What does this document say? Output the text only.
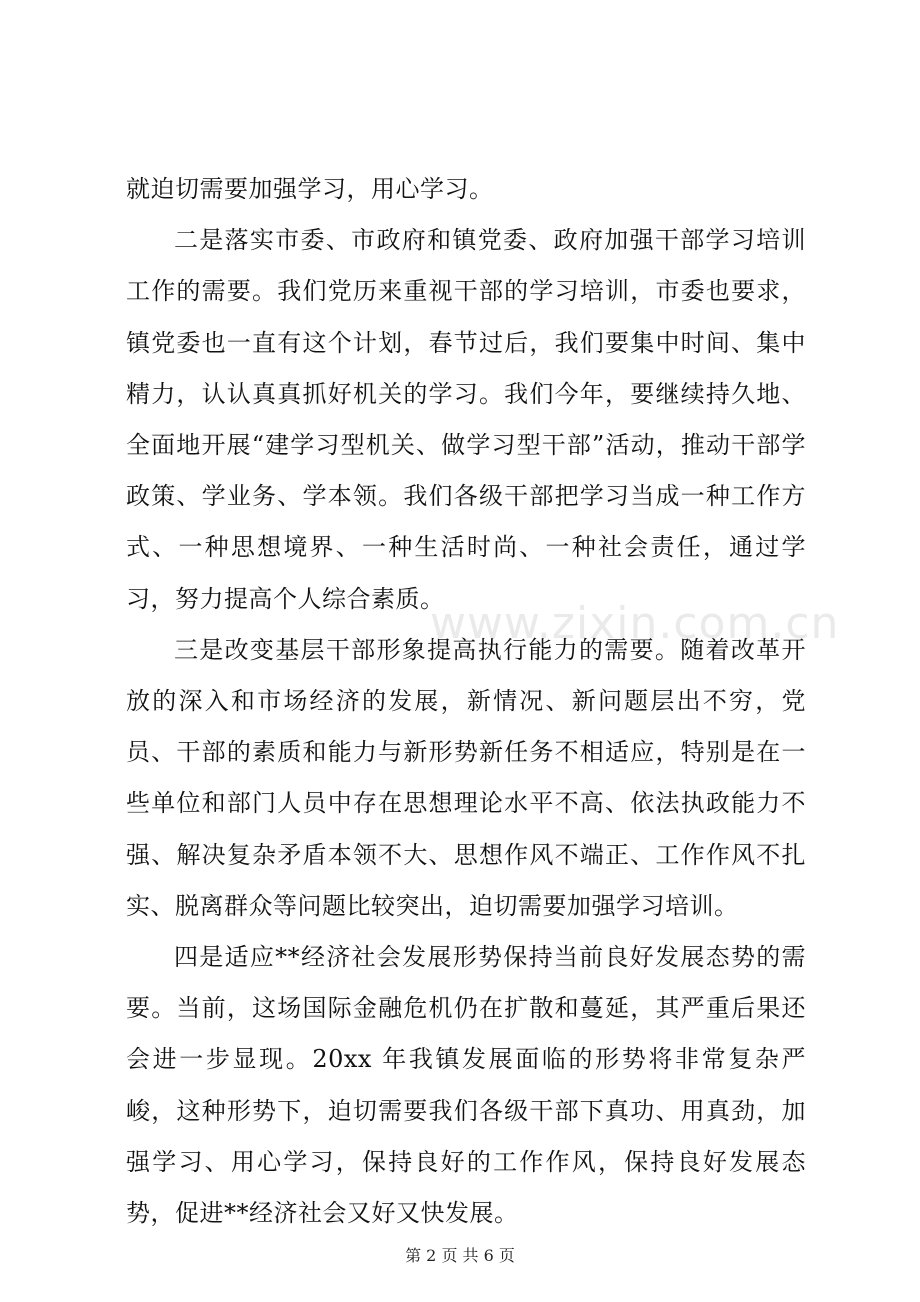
就迫切需要加强学习，用心学习。

二是落实市委、市政府和镇党委、政府加强干部学习培训工作的需要。我们党历来重视干部的学习培训，市委也要求，镇党委也一直有这个计划，春节过后，我们要集中时间、集中精力，认认真真抓好机关的学习。我们今年，要继续持久地、全面地开展“建学习型机关、做学习型干部”活动，推动干部学政策、学业务、学本领。我们各级干部把学习当成一种工作方式、一种思想境界、一种生活时尚、一种社会责任，通过学习，努力提高个人综合素质。

三是改变基层干部形象提高执行能力的需要。随着改革开放的深入和市场经济的发展，新情况、新问题层出不穷，党员、干部的素质和能力与新形势新任务不相适应，特别是在一些单位和部门人员中存在思想理论水平不高、依法执政能力不强、解决复杂矛盾本领不大、思想作风不端正、工作作风不扎实、脱离群众等问题比较突出，迫切需要加强学习培训。

四是适应**经济社会发展形势保持当前良好发展态势的需要。当前，这场国际金融危机仍在扩散和蔓延，其严重后果还会进一步显现。20xx 年我镇发展面临的形势将非常复杂严峻，这种形势下，迫切需要我们各级干部下真功、用真劲，加强学习、用心学习，保持良好的工作作风，保持良好发展态势，促进**经济社会又好又快发展。

www.zixin.com.cn
第 2 页 共 6 页
